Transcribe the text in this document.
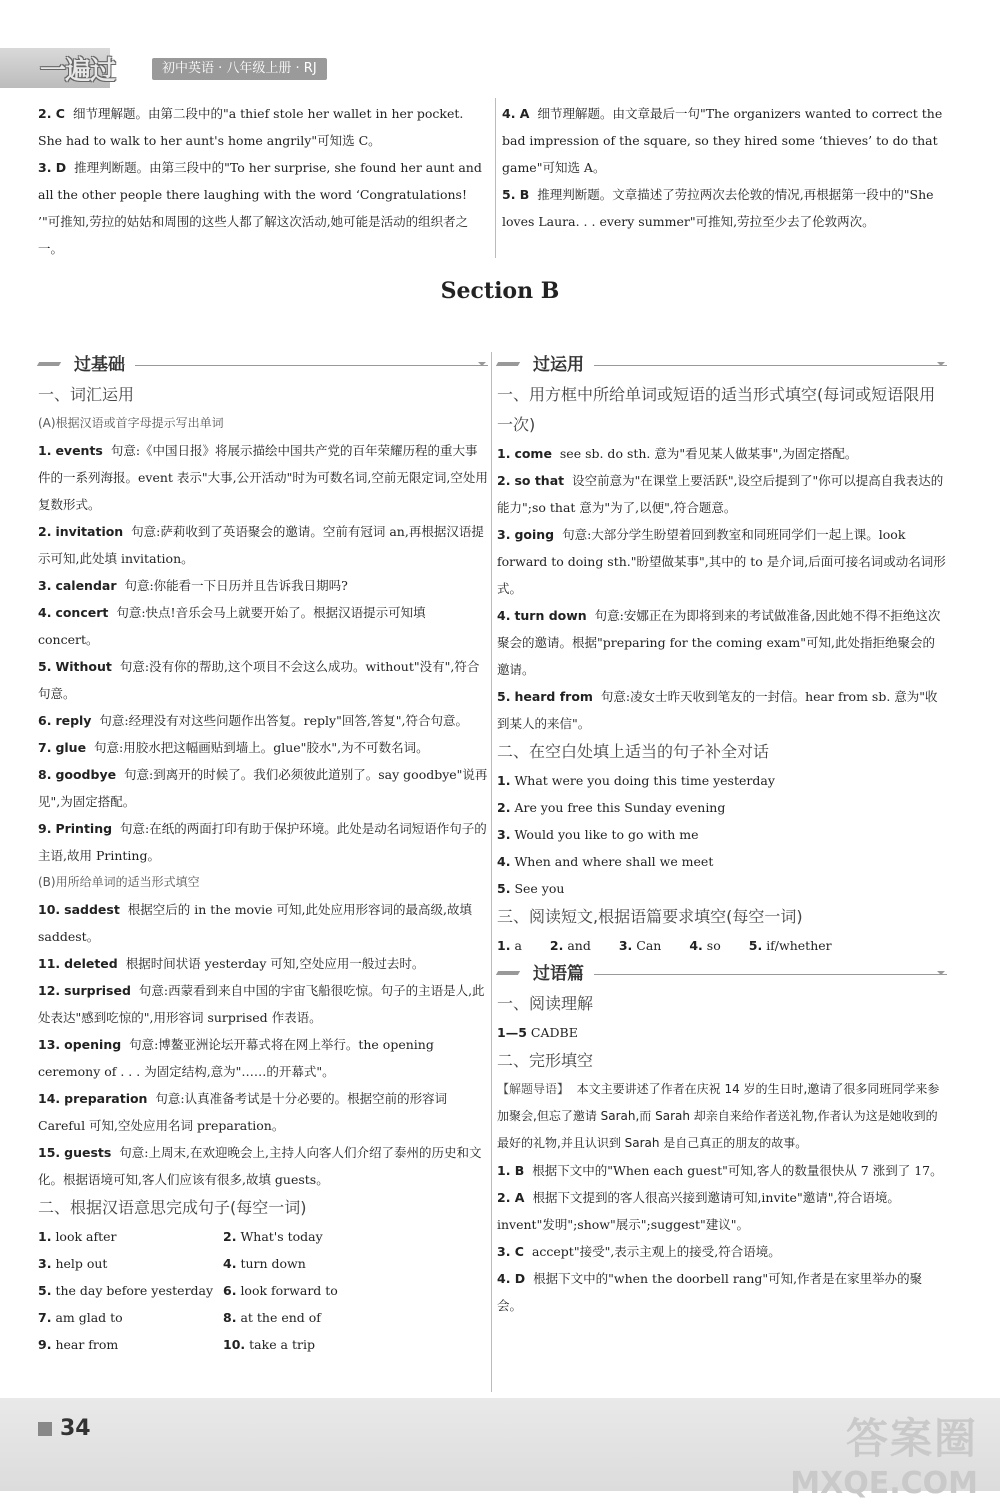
一遍过	初中英语 · 八年级上册 · RJ
2. C 细节理解题。由第二段中的"a thief stole her wallet in her pocket. She had to walk to her aunt's home angrily"可知选 C。
3. D 推理判断题。由第三段中的"To her surprise, she found her aunt and all the other people there laughing with the word ‘Congratulations! ’"可推知,劳拉的姑姑和周围的这些人都了解这次活动,她可能是活动的组织者之一。
4. A 细节理解题。由文章最后一句"The organizers wanted to correct the bad impression of the square, so they hired some ‘thieves’ to do that game"可知选 A。
5. B 推理判断题。文章描述了劳拉两次去伦敦的情况,再根据第一段中的"She loves Laura. . . every summer"可推知,劳拉至少去了伦敦两次。
Section B
过基础
一、词汇运用
(A)根据汉语或首字母提示写出单词
1. events 句意:《中国日报》将展示描绘中国共产党的百年荣耀历程的重大事件的一系列海报。event 表示"大事,公开活动"时为可数名词,空前无限定词,空处用复数形式。
2. invitation 句意:萨莉收到了英语聚会的邀请。空前有冠词 an,再根据汉语提示可知,此处填 invitation。
3. calendar 句意:你能看一下日历并且告诉我日期吗?
4. concert 句意:快点!音乐会马上就要开始了。根据汉语提示可知填 concert。
5. Without 句意:没有你的帮助,这个项目不会这么成功。without"没有",符合句意。
6. reply 句意:经理没有对这些问题作出答复。reply"回答,答复",符合句意。
7. glue 句意:用胶水把这幅画贴到墙上。glue"胶水",为不可数名词。
8. goodbye 句意:到离开的时候了。我们必须彼此道别了。say goodbye"说再见",为固定搭配。
9. Printing 句意:在纸的两面打印有助于保护环境。此处是动名词短语作句子的主语,故用 Printing。
(B)用所给单词的适当形式填空
10. saddest 根据空后的 in the movie 可知,此处应用形容词的最高级,故填 saddest。
11. deleted 根据时间状语 yesterday 可知,空处应用一般过去时。
12. surprised 句意:西蒙看到来自中国的宇宙飞船很吃惊。句子的主语是人,此处表达"感到吃惊的",用形容词 surprised 作表语。
13. opening 句意:博鳌亚洲论坛开幕式将在网上举行。the opening ceremony of . . . 为固定结构,意为"……的开幕式"。
14. preparation 句意:认真准备考试是十分必要的。根据空前的形容词 Careful 可知,空处应用名词 preparation。
15. guests 句意:上周末,在欢迎晚会上,主持人向客人们介绍了泰州的历史和文化。根据语境可知,客人们应该有很多,故填 guests。
二、根据汉语意思完成句子(每空一词)
1. look after	2. What's today
3. help out	4. turn down
5. the day before yesterday 6. look forward to
7. am glad to	8. at the end of
9. hear from	10. take a trip
过运用
一、用方框中所给单词或短语的适当形式填空(每词或短语限用一次)
1. come see sb. do sth. 意为"看见某人做某事",为固定搭配。
2. so that 设空前意为"在课堂上要活跃",设空后提到了"你可以提高自我表达的能力";so that 意为"为了,以便",符合题意。
3. going 句意:大部分学生盼望着回到教室和同班同学们一起上课。look forward to doing sth."盼望做某事",其中的 to 是介词,后面可接名词或动名词形式。
4. turn down 句意:安娜正在为即将到来的考试做准备,因此她不得不拒绝这次聚会的邀请。根据"preparing for the coming exam"可知,此处指拒绝聚会的邀请。
5. heard from 句意:凌女士昨天收到笔友的一封信。hear from sb. 意为"收到某人的来信"。
二、在空白处填上适当的句子补全对话
1. What were you doing this time yesterday
2. Are you free this Sunday evening
3. Would you like to go with me
4. When and where shall we meet
5. See you
三、阅读短文,根据语篇要求填空(每空一词)
1. a 2. and 3. Can 4. so 5. if/whether
过语篇
一、阅读理解
1—5 CADBE
二、完形填空
【解题导语】 本文主要讲述了作者在庆祝 14 岁的生日时,邀请了很多同班同学来参加聚会,但忘了邀请 Sarah,而 Sarah 却亲自来给作者送礼物,作者认为这是她收到的最好的礼物,并且认识到 Sarah 是自己真正的朋友的故事。
1. B 根据下文中的"When each guest"可知,客人的数量很快从 7 涨到了 17。
2. A 根据下文提到的客人很高兴接到邀请可知,invite"邀请",符合语境。invent"发明";show"展示";suggest"建议"。
3. C accept"接受",表示主观上的接受,符合语境。
4. D 根据下文中的"when the doorbell rang"可知,作者是在家里举办的聚会。
34	答案圈
MXQE.COM
